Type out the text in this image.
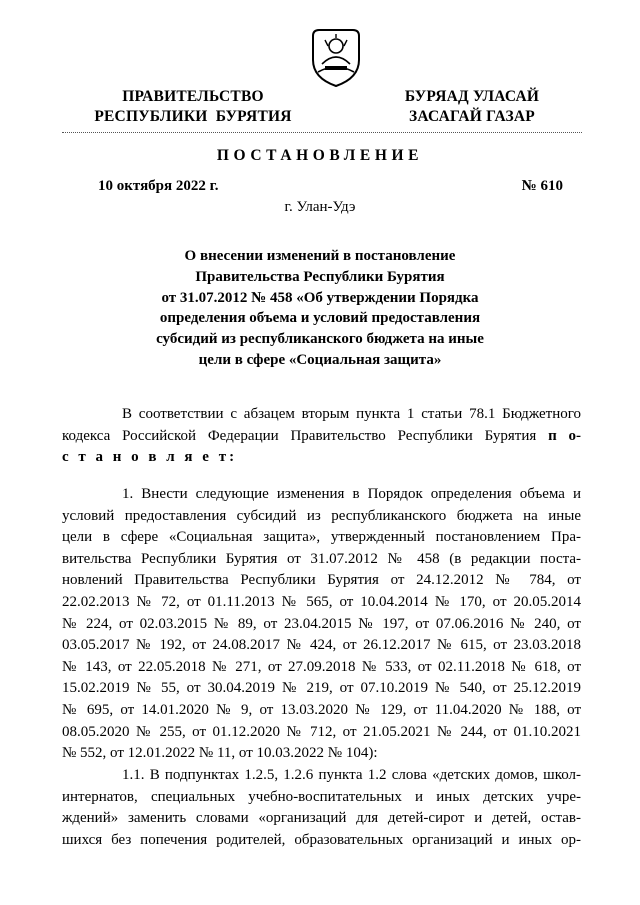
ПРАВИТЕЛЬСТВО
РЕСПУБЛИКИ  БУРЯТИЯ
БУРЯАД УЛАСАЙ
ЗАСАГАЙ ГАЗАР
ПОСТАНОВЛЕНИЕ
10 октября 2022 г.	№ 610
г. Улан-Удэ
О внесении изменений в постановление
Правительства Республики Бурятия
от 31.07.2012 № 458 «Об утверждении Порядка
определения объема и условий предоставления
субсидий из республиканского бюджета на иные
цели в сфере «Социальная защита»
В соответствии с абзацем вторым пункта 1 статьи 78.1 Бюджетного
кодекса Российской Федерации Правительство Республики Бурятия п о-
с т а н о в л я е т:
1. Внести следующие изменения в Порядок определения объема и
условий предоставления субсидий из республиканского бюджета на иные
цели в сфере «Социальная защита», утвержденный постановлением Пра-
вительства Республики Бурятия от 31.07.2012 № 458 (в редакции поста-
новлений Правительства Республики Бурятия от 24.12.2012 № 784, от
22.02.2013 № 72, от 01.11.2013 № 565, от 10.04.2014 № 170, от 20.05.2014
№ 224, от 02.03.2015 № 89, от 23.04.2015 № 197, от 07.06.2016 № 240, от
03.05.2017 № 192, от 24.08.2017 № 424, от 26.12.2017 № 615, от 23.03.2018
№ 143, от 22.05.2018 № 271, от 27.09.2018 № 533, от 02.11.2018 № 618, от
15.02.2019 № 55, от 30.04.2019 № 219, от 07.10.2019 № 540, от 25.12.2019
№ 695, от 14.01.2020 № 9, от 13.03.2020 № 129, от 11.04.2020 № 188, от
08.05.2020 № 255, от 01.12.2020 № 712, от 21.05.2021 № 244, от 01.10.2021
№ 552, от 12.01.2022 № 11, от 10.03.2022 № 104):
1.1. В подпунктах 1.2.5, 1.2.6 пункта 1.2 слова «детских домов, школ-
интернатов, специальных учебно-воспитательных и иных детских учре-
ждений» заменить словами «организаций для детей-сирот и детей, остав-
шихся без попечения родителей, образовательных организаций и иных ор-
